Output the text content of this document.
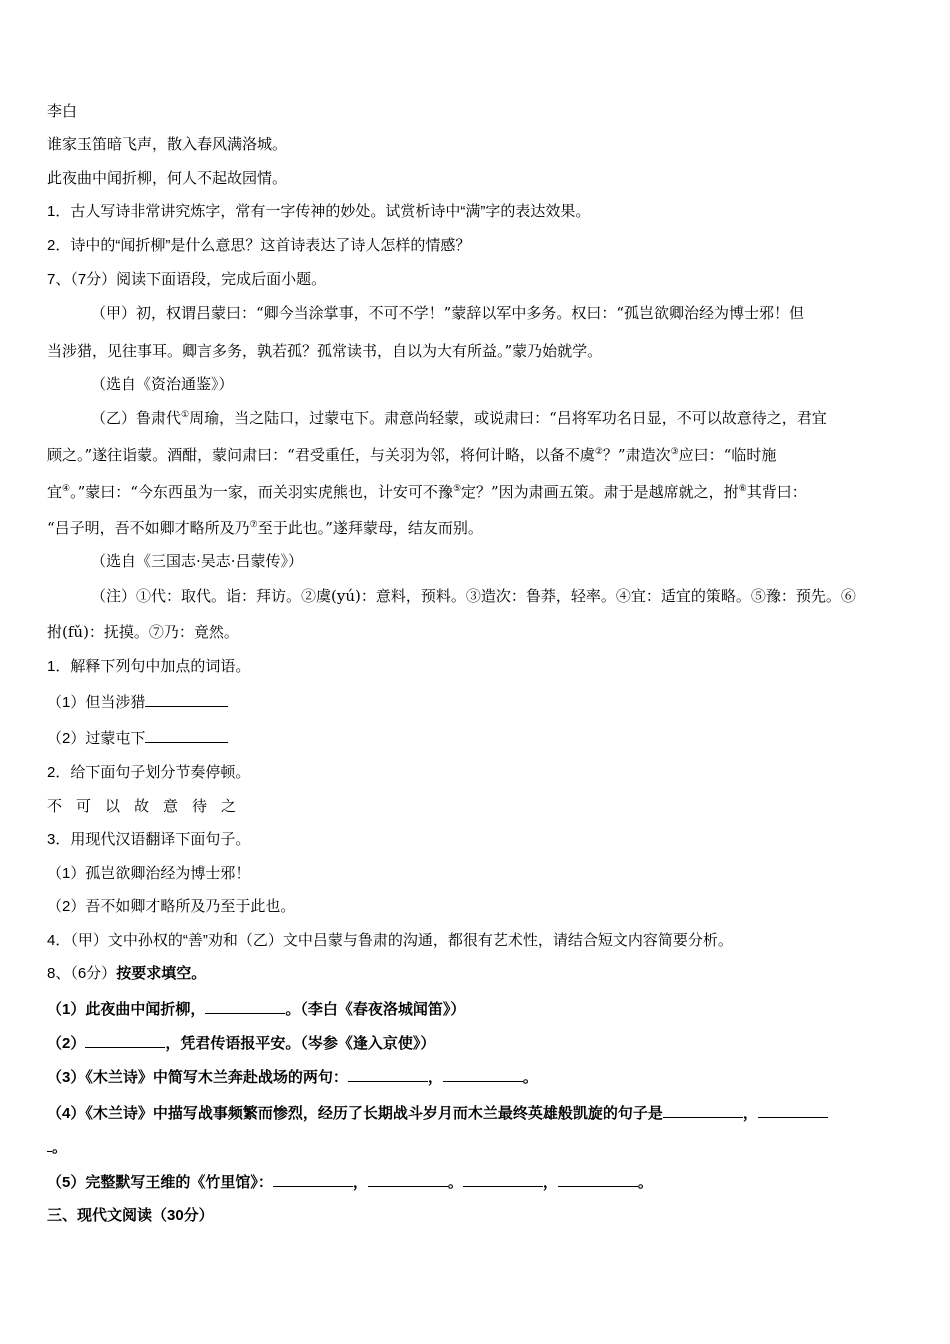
李白
谁家玉笛暗飞声，散入春风满洛城。
此夜曲中闻折柳，何人不起故园情。
1．古人写诗非常讲究炼字，常有一字传神的妙处。试赏析诗中“满”字的表达效果。
2．诗中的“闻折柳”是什么意思？这首诗表达了诗人怎样的情感？
7、（7分）阅读下面语段，完成后面小题。
（甲）初，权谓吕蒙曰：“卿今当涂掌事，不可不学！”蒙辞以军中多务。权曰：“孤岂欲卿治经为博士邪！但
当涉猎，见往事耳。卿言多务，孰若孤？孤常读书，自以为大有所益。”蒙乃始就学。
（选自《资治通鉴》）
（乙）鲁肃代①周瑜，当之陆口，过蒙屯下。肃意尚轻蒙，或说肃曰：“吕将军功名日显，不可以故意待之，君宜
顾之。”遂往诣蒙。酒酣，蒙问肃曰：“君受重任，与关羽为邻，将何计略，以备不虞②？”肃造次③应曰：“临时施
宜④。”蒙曰：“今东西虽为一家，而关羽实虎熊也，计安可不豫⑤定？”因为肃画五策。肃于是越席就之，拊⑥其背曰：
“吕子明，吾不如卿才略所及乃⑦至于此也。”遂拜蒙母，结友而别。
（选自《三国志·吴志·吕蒙传》）
（注）①代：取代。诣：拜访。②虞(yú)：意料，预料。③造次：鲁莽，轻率。④宜：适宜的策略。⑤豫：预先。⑥
拊(fǔ)：抚摸。⑦乃：竟然。
1．解释下列句中加点的词语。
（1）但当涉猎
（2）过蒙屯下
2．给下面句子划分节奏停顿。
不可以故意待之
3．用现代汉语翻译下面句子。
（1）孤岂欲卿治经为博士邪！
（2）吾不如卿才略所及乃至于此也。
4．（甲）文中孙权的“善”劝和（乙）文中吕蒙与鲁肃的沟通，都很有艺术性，请结合短文内容简要分析。
8、（6分）按要求填空。
（1）此夜曲中闻折柳，	。（李白《春夜洛城闻笛》）
（2）	，凭君传语报平安。（岑参《逢入京使》）
（3）《木兰诗》中简写木兰奔赴战场的两句：	，	。
（4）《木兰诗》中描写战事频繁而惨烈，经历了长期战斗岁月而木兰最终英雄般凯旋的句子是	，
。
（5）完整默写王维的《竹里馆》：	，	。	，	。
三、现代文阅读（30分）
